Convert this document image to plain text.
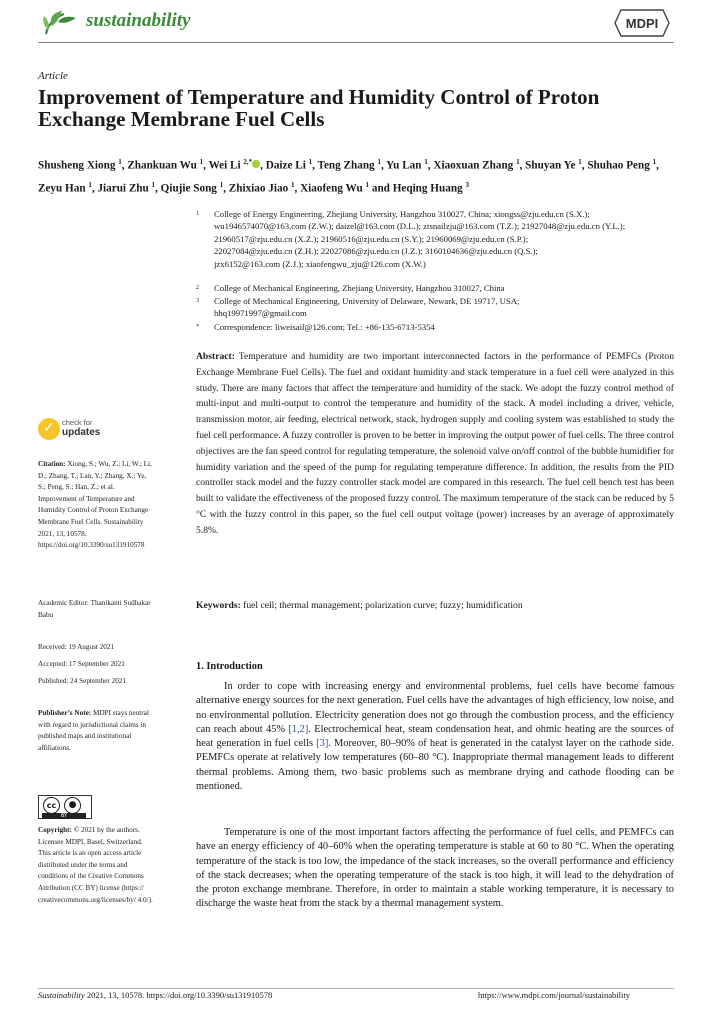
sustainability	MDPI
Article
Improvement of Temperature and Humidity Control of Proton Exchange Membrane Fuel Cells
Shusheng Xiong $^1$, Zhankuan Wu $^1$, Wei Li $^{2,*}$ , Daize Li $^1$, Teng Zhang $^1$, Yu Lan $^1$, Xiaoxuan Zhang $^1$, Shuyan Ye $^1$, Shuhao Peng $^1$, Zeyu Han $^1$, Jiarui Zhu $^1$, Qiujie Song $^1$, Zhixiao Jiao $^1$, Xiaofeng Wu $^1$ and Heqing Huang $^3$
1 College of Energy Engineering, Zhejiang University, Hangzhou 310027, China; xiongss@zju.edu.cn (S.X.);
wu1946574070@163.com (Z.W.); daizel@163.com (D.L.); ztsnailzju@163.com (T.Z.); 21927048@zju.edu.cn (Y.L.);
21960517@zju.edu.cn (X.Z.); 21960516@zju.edu.cn (S.Y.); 21960069@zju.edu.cn (S.P.);
22027084@zju.edu.cn (Z.H.); 22027086@zju.edu.cn (J.Z.); 3160104636@zju.edu.cn (Q.S.);
jzx6152@163.com (Z.J.); xiaofengwu_zju@126.com (X.W.)
2 College of Mechanical Engineering, Zhejiang University, Hangzhou 310027, China
3 College of Mechanical Engineering, University of Delaware, Newark, DE 19717, USA;
hhq19971997@gmail.com
* Correspondence: liweisail@126.com; Tel.: +86-135-6713-5354
Abstract: Temperature and humidity are two important interconnected factors in the performance of PEMFCs (Proton Exchange Membrane Fuel Cells). The fuel and oxidant humidity and stack temperature in a fuel cell were analyzed in this study. There are many factors that affect the temperature and humidity of the stack. We adopt the fuzzy control method of multi-input and multi-output to control the temperature and humidity of the stack. A model including a driver, vehicle, transmission motor, air feeding, electrical network, stack, hydrogen supply and cooling system was established to study the fuel cell performance. A fuzzy controller is proven to be better in improving the output power of fuel cells. The three control objectives are the fan speed control for regulating temperature, the solenoid valve on/off control of the bubble humidifier for humidity variation and the speed of the pump for regulating temperature difference. In addition, the results from the PID controller stack model and the fuzzy controller stack model are compared in this research. The fuel cell bench test has been built to validate the effectiveness of the proposed fuzzy control. The maximum temperature of the stack can be reduced by 5 °C with the fuzzy control in this paper, so the fuel cell output voltage (power) increases by an average of approximately 5.8%.
Keywords: fuel cell; thermal management; polarization curve; fuzzy; humidification
✓ check for
updates
Citation: Xiong, S.; Wu, Z.; Li, W.; Li, D.; Zhang, T.; Lan, Y.; Zhang, X.; Ye, S.; Peng, S.; Han, Z.; et al. Improvement of Temperature and Humidity Control of Proton Exchange Membrane Fuel Cells. Sustainability 2021, 13, 10578. https://doi.org/10.3390/su131910578
Academic Editor: Thanikanti Sudhakar Babu
Received: 19 August 2021
Accepted: 17 September 2021
Published: 24 September 2021
Publisher’s Note: MDPI stays neutral with regard to jurisdictional claims in published maps and institutional affiliations.
cc	●
BY
Copyright: © 2021 by the authors. Licensee MDPI, Basel, Switzerland. This article is an open access article distributed under the terms and conditions of the Creative Commons Attribution (CC BY) license (https:// creativecommons.org/licenses/by/ 4.0/).
1. Introduction
In order to cope with increasing energy and environmental problems, fuel cells have become famous alternative energy sources for the next generation. Fuel cells have the advantages of high efficiency, low noise, and no environmental pollution. Electricity generation does not go through the combustion process, and the efficiency can reach about 45% [1,2]. Electrochemical heat, steam condensation heat, and ohmic heating are the sources of heat generation in fuel cells [3]. Moreover, 80–90% of heat is generated in the catalyst layer on the cathode side. PEMFCs operate at relatively low temperatures (60–80 °C). Inappropriate thermal management leads to different thermal problems. Among them, two basic problems such as membrane drying and cathode flooding can be mentioned.
Temperature is one of the most important factors affecting the performance of fuel cells, and PEMFCs can have an energy efficiency of 40–60% when the operating temperature is stable at 60 to 80 °C. When the operating temperature of the stack is too low, the impedance of the stack increases, so the overall performance and efficiency of the stack decreases; when the operating temperature of the stack is too high, it will lead to the dehydration of the proton exchange membrane. Therefore, in order to maintain a stable working temperature, it is necessary to discharge the waste heat from the stack by a thermal management system.
Sustainability 2021, 13, 10578. https://doi.org/10.3390/su131910578	https://www.mdpi.com/journal/sustainability
